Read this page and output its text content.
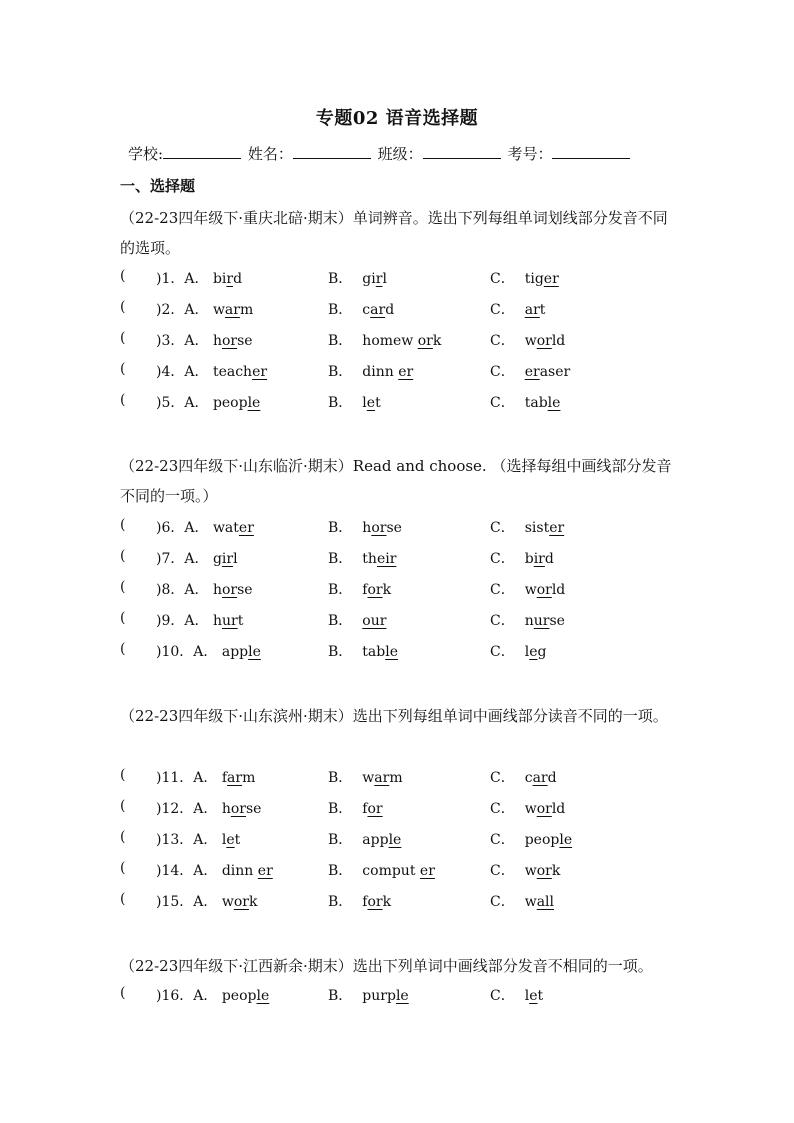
专题02 语音选择题
学校:	姓名：	班级：	考号：
一、选择题
（22-23四年级下·重庆北碚·期末）单词辨音。选出下列每组单词划线部分发音不同的选项。
( )1．A． bird	B． girl	C． tiger
( )2．A． warm	B． card	C． art
( )3．A． horse	B． homew ork	C． world
( )4．A． teacher	B． dinn er	C． eraser
( )5．A． people	B． let	C． table
（22-23四年级下·山东临沂·期末）Read and choose. （选择每组中画线部分发音不同的一项。）
( )6．A． water	B． horse	C． sister
( )7．A． girl	B． their	C． bird
( )8．A． horse	B． fork	C． world
( )9．A． hurt	B． our	C． nurse
( )10．A． apple	B． table	C． leg
（22-23四年级下·山东滨州·期末）选出下列每组单词中画线部分读音不同的一项。
( )11．A． farm	B． warm	C． card
( )12．A． horse	B． for	C． world
( )13．A． let	B． apple	C． people
( )14．A． dinn er	B． comput er	C． work
( )15．A． work	B． fork	C． wall
（22-23四年级下·江西新余·期末）选出下列单词中画线部分发音不相同的一项。
( )16．A． people	B． purple	C． let
